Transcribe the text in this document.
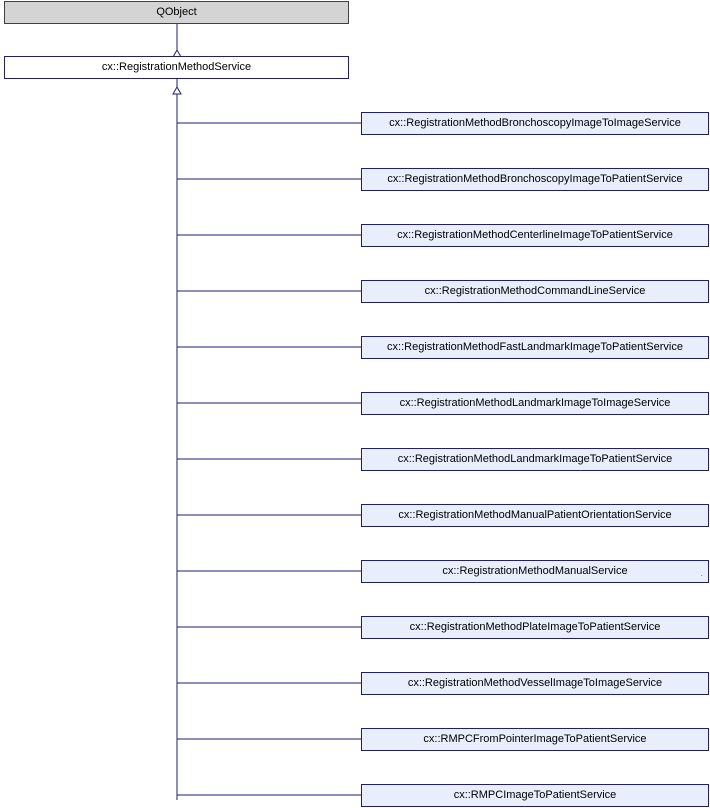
QObject
cx::RegistrationMethodService
cx::RegistrationMethodBronchoscopyImageToImageService
cx::RegistrationMethodBronchoscopyImageToPatientService
cx::RegistrationMethodCenterlineImageToPatientService
cx::RegistrationMethodCommandLineService
cx::RegistrationMethodFastLandmarkImageToPatientService
cx::RegistrationMethodLandmarkImageToImageService
cx::RegistrationMethodLandmarkImageToPatientService
cx::RegistrationMethodManualPatientOrientationService
cx::RegistrationMethodManualService
cx::RegistrationMethodPlateImageToPatientService
cx::RegistrationMethodVesselImageToImageService
cx::RMPCFromPointerImageToPatientService
cx::RMPCImageToPatientService
